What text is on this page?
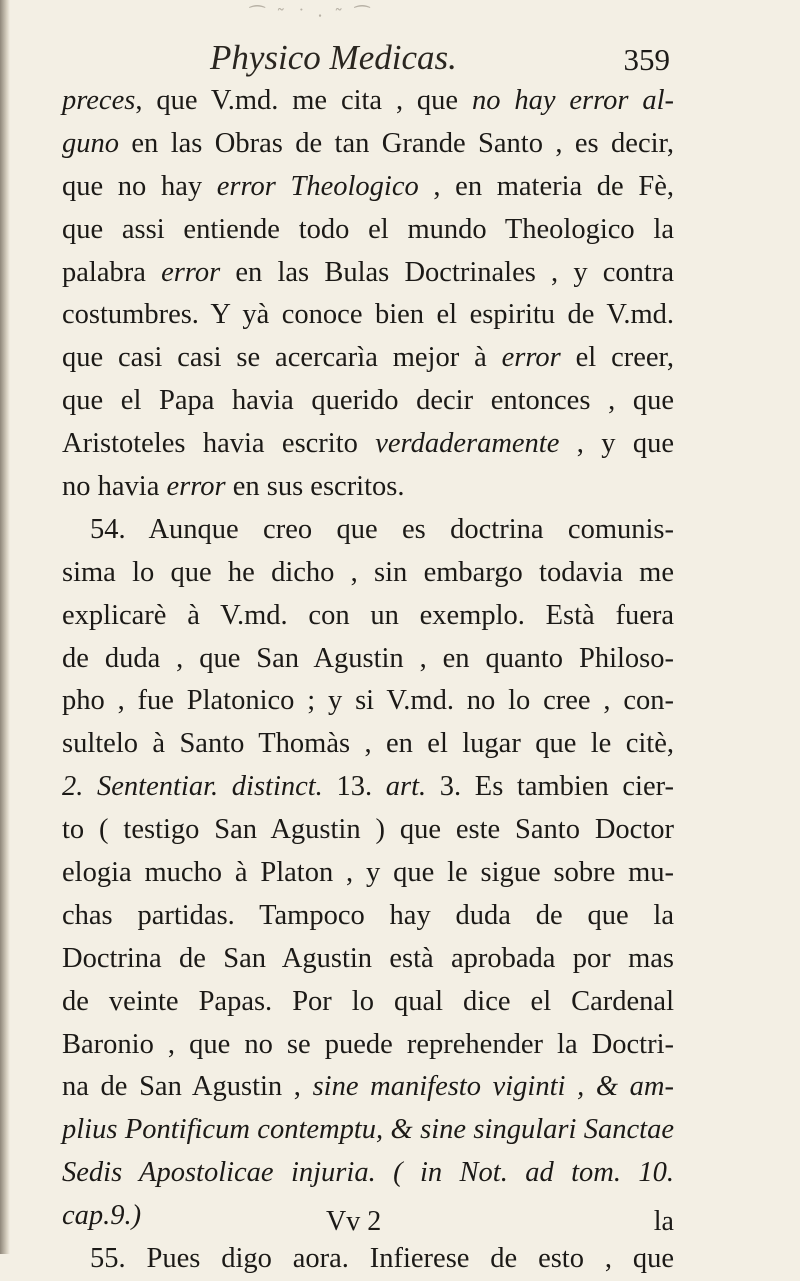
⁀ ˜ ˙ ⸱ ˜ ⁀
Physico Medicas.	359
preces, que V.md. me cita , que no hay error al-
guno en las Obras de tan Grande Santo , es decir,
que no hay error Theologico , en materia de Fè,
que assi entiende todo el mundo Theologico la
palabra error en las Bulas Doctrinales , y contra
costumbres. Y yà conoce bien el espiritu de V.md.
que casi casi se acercarìa mejor à error el creer,
que el Papa havia querido decir entonces , que
Aristoteles havia escrito verdaderamente , y que
no havia error en sus escritos.
54. Aunque creo que es doctrina comunis-
sima lo que he dicho , sin embargo todavia me
explicarè à V.md. con un exemplo. Està fuera
de duda , que San Agustin , en quanto Philoso-
pho , fue Platonico ; y si V.md. no lo cree , con-
sultelo à Santo Thomàs , en el lugar que le citè,
2. Sententiar. distinct. 13. art. 3. Es tambien cier-
to ( testigo San Agustin ) que este Santo Doctor
elogia mucho à Platon , y que le sigue sobre mu-
chas partidas. Tampoco hay duda de que la
Doctrina de San Agustin està aprobada por mas
de veinte Papas. Por lo qual dice el Cardenal
Baronio , que no se puede reprehender la Doctri-
na de San Agustin , sine manifesto viginti , & am-
plius Pontificum contemptu, & sine singulari Sanctae
Sedis Apostolicae injuria. ( in Not. ad tom. 10.
cap.9.)
55. Pues digo aora. Infierese de esto , que
Vv 2	la
